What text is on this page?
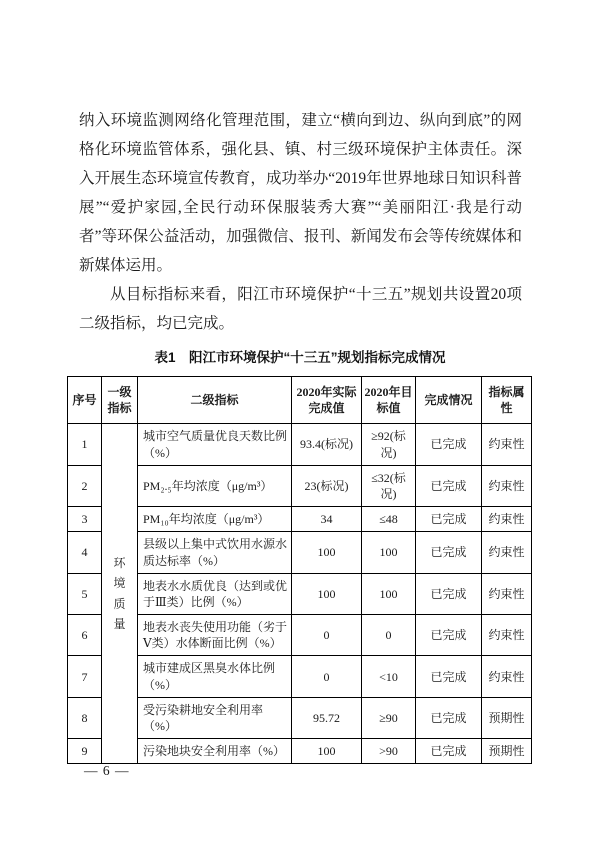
纳入环境监测网络化管理范围，建立“横向到边、纵向到底”的网格化环境监管体系，强化县、镇、村三级环境保护主体责任。深入开展生态环境宣传教育，成功举办“2019年世界地球日知识科普展”“爱护家园,全民行动环保服装秀大赛”“美丽阳江·我是行动者”等环保公益活动，加强微信、报刊、新闻发布会等传统媒体和新媒体运用。

从目标指标来看，阳江市环境保护“十三五”规划共设置20项二级指标，均已完成。

表1　阳江市环境保护“十三五”规划指标完成情况
序号	一级指标	二级指标	2020年实际完成值	2020年目标值	完成情况	指标属性
1	环境质量	城市空气质量优良天数比例（%）	93.4(标况)	≥92(标况)	已完成	约束性
2		PM₂.₅年均浓度（μg/m³）	23(标况)	≤32(标况)	已完成	约束性
3		PM₁₀年均浓度（μg/m³）	34	≤48	已完成	约束性
4		县级以上集中式饮用水源水质达标率（%）	100	100	已完成	约束性
5		地表水水质优良（达到或优于Ⅲ类）比例（%）	100	100	已完成	约束性
6		地表水丧失使用功能（劣于Ⅴ类）水体断面比例（%）	0	0	已完成	约束性
7		城市建成区黑臭水体比例（%）	0	<10	已完成	约束性
8		受污染耕地安全利用率（%）	95.72	≥90	已完成	预期性
9		污染地块安全利用率（%）	100	>90	已完成	预期性
— 6 —
